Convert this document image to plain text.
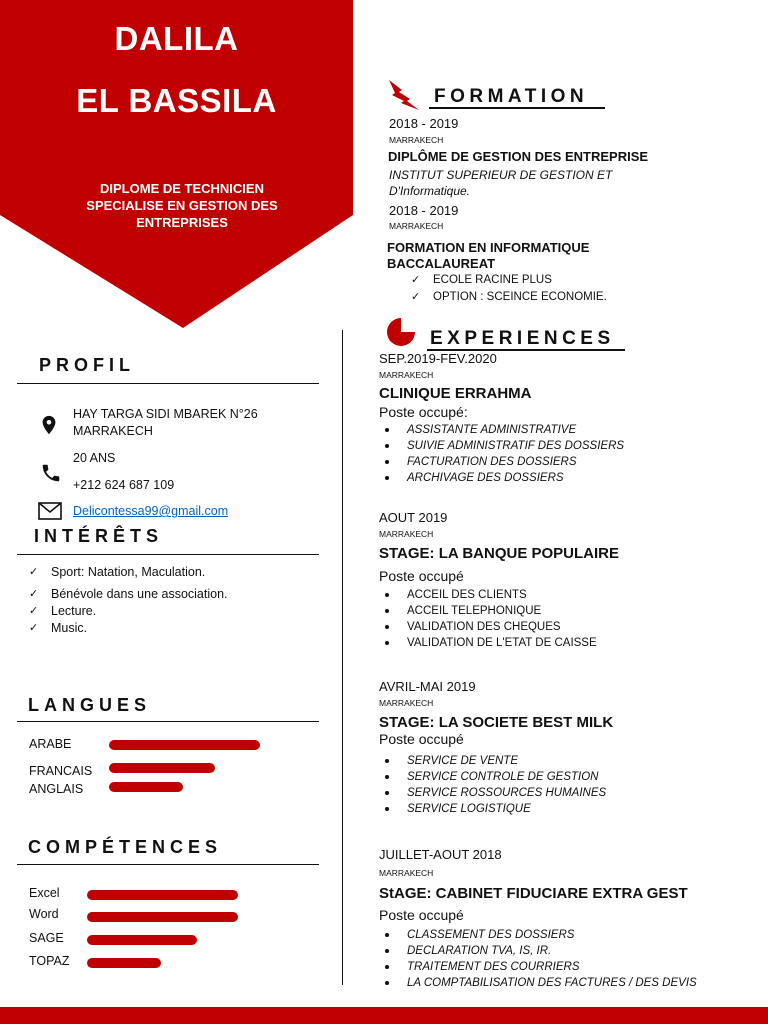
DALILA
EL BASSILA
DIPLOME DE TECHNICIEN SPECIALISE EN GESTION DES ENTREPRISES
PROFIL
HAY TARGA SIDI MBAREK N°26
MARRAKECH
20 ANS
+212 624 687 109
Delicontessa99@gmail.com
INTÉRÊTS
✓ Sport: Natation, Maculation.
✓ Bénévole dans une association.
✓ Lecture.
✓ Music.
LANGUES
ARABE
FRANCAIS
ANGLAIS
COMPÉTENCES
Excel
Word
SAGE
TOPAZ
FORMATION
2018 - 2019
MARRAKECH
DIPLÔME DE GESTION DES ENTREPRISE
INSTITUT SUPERIEUR DE GESTION ET
D'Informatique.
2018 - 2019
MARRAKECH
FORMATION EN INFORMATIQUE
BACCALAUREAT
✓ ECOLE RACINE PLUS
✓ OPTION : SCEINCE ECONOMIE.
EXPERIENCES
SEP.2019-FEV.2020
MARRAKECH
CLINIQUE ERRAHMA
Poste occupé:
ASSISTANTE ADMINISTRATIVE
SUIVIE ADMINISTRATIF DES DOSSIERS
FACTURATION DES DOSSIERS
ARCHIVAGE DES DOSSIERS
AOUT 2019
MARRAKECH
STAGE: LA BANQUE POPULAIRE
Poste occupé
ACCEIL DES CLIENTS
ACCEIL TELEPHONIQUE
VALIDATION DES CHEQUES
VALIDATION DE L'ETAT DE CAISSE
AVRIL-MAI 2019
MARRAKECH
STAGE: LA SOCIETE BEST MILK
Poste occupé
SERVICE DE VENTE
SERVICE CONTROLE DE GESTION
SERVICE ROSSOURCES HUMAINES
SERVICE LOGISTIQUE
JUILLET-AOUT 2018
MARRAKECH
StAGE: CABINET FIDUCIARE EXTRA GEST
Poste occupé
CLASSEMENT DES DOSSIERS
DECLARATION TVA, IS, IR.
TRAITEMENT DES COURRIERS
LA COMPTABILISATION DES FACTURES / DES DEVIS
